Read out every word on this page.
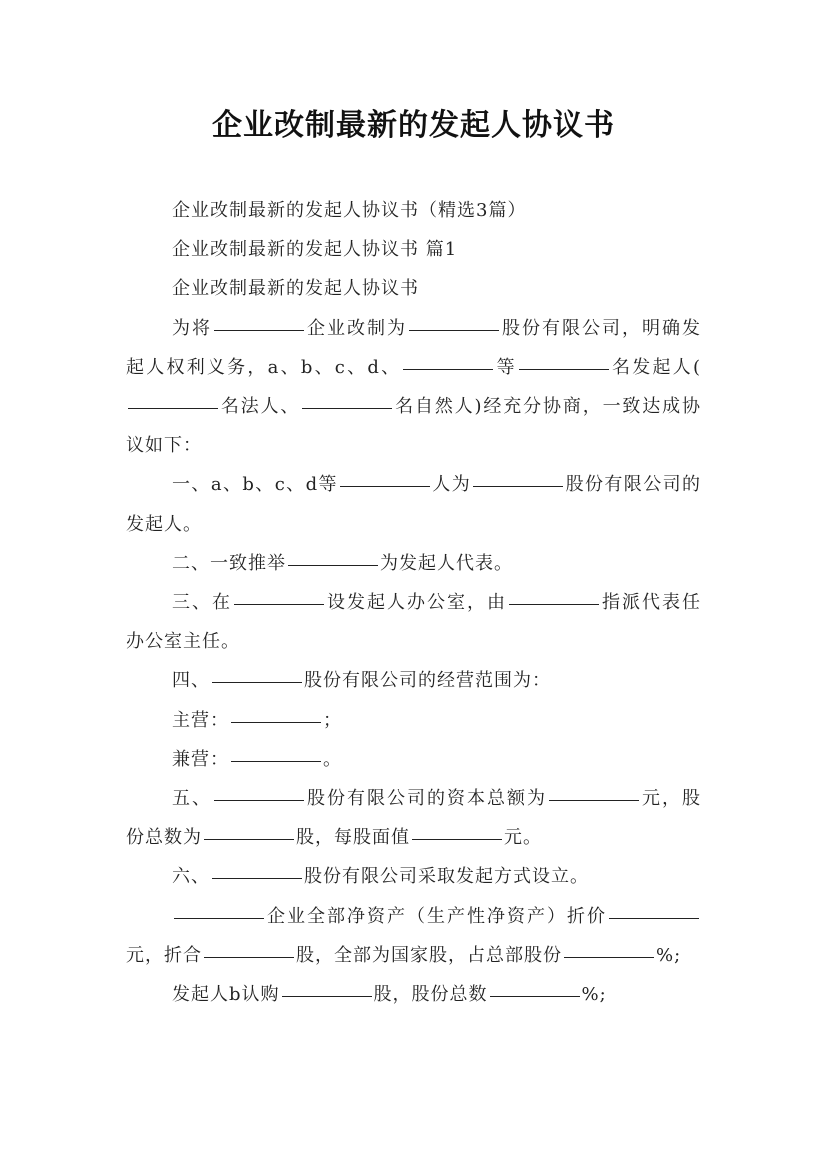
企业改制最新的发起人协议书

企业改制最新的发起人协议书（精选3篇）

企业改制最新的发起人协议书 篇1

企业改制最新的发起人协议书

为将	企业改制为	股份有限公司，明确发起人权利义务，a、b、c、d、	等	名发起人(名法人、	名自然人)经充分协商，一致达成协议如下：

一、a、b、c、d等	人为	股份有限公司的发起人。

二、一致推举	为发起人代表。

三、在	设发起人办公室，由	指派代表任办公室主任。

四、	股份有限公司的经营范围为：

主营：	；

兼营：	。

五、	股份有限公司的资本总额为	元，股份总数为	股，每股面值	元。

六、	股份有限公司采取发起方式设立。

企业全部净资产（生产性净资产）折价元，折合	股，全部为国家股，占总部股份	%;

发起人b认购	股，股份总数	%;
